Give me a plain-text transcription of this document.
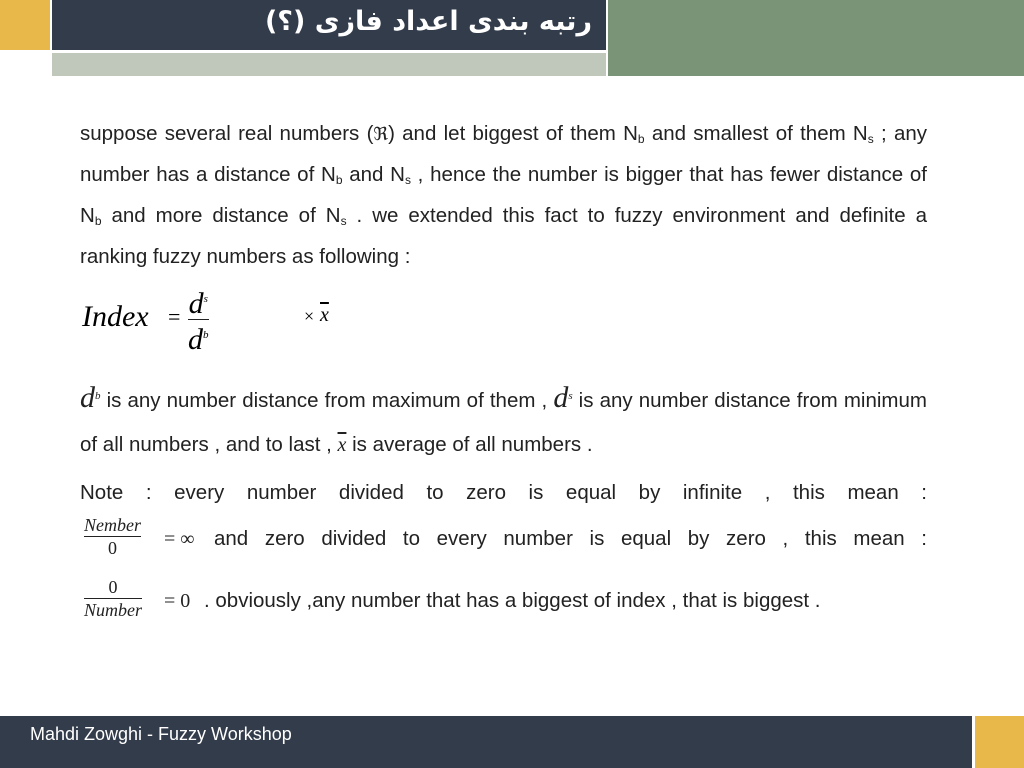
رتبه بندی اعداد فازی (؟)

suppose several real numbers (ℜ) and let biggest of them $N_b$ and smallest of them $N_s$ ; any number has a distance of $N_b$ and $N_s$ , hence the number is bigger that has fewer distance of $N_b$ and more distance of $N_s$ . we extended this fact to fuzzy environment and definite a ranking fuzzy numbers as following :

Index = $d^s$
$d^b$
× $\overline{x}$

$d^b$ is any number distance from maximum of them , $d^s$ is any number distance from minimum of all numbers , and to last , $\overline{x}$ is average of all numbers .

Note : every number divided to zero is equal by infinite , this mean :
Nember
0	= ∞ and zero divided to every number is equal by zero , this mean :
0
Number = 0 . obviously ,any number that has a biggest of index , that is biggest .
Mahdi Zowghi - Fuzzy Workshop
